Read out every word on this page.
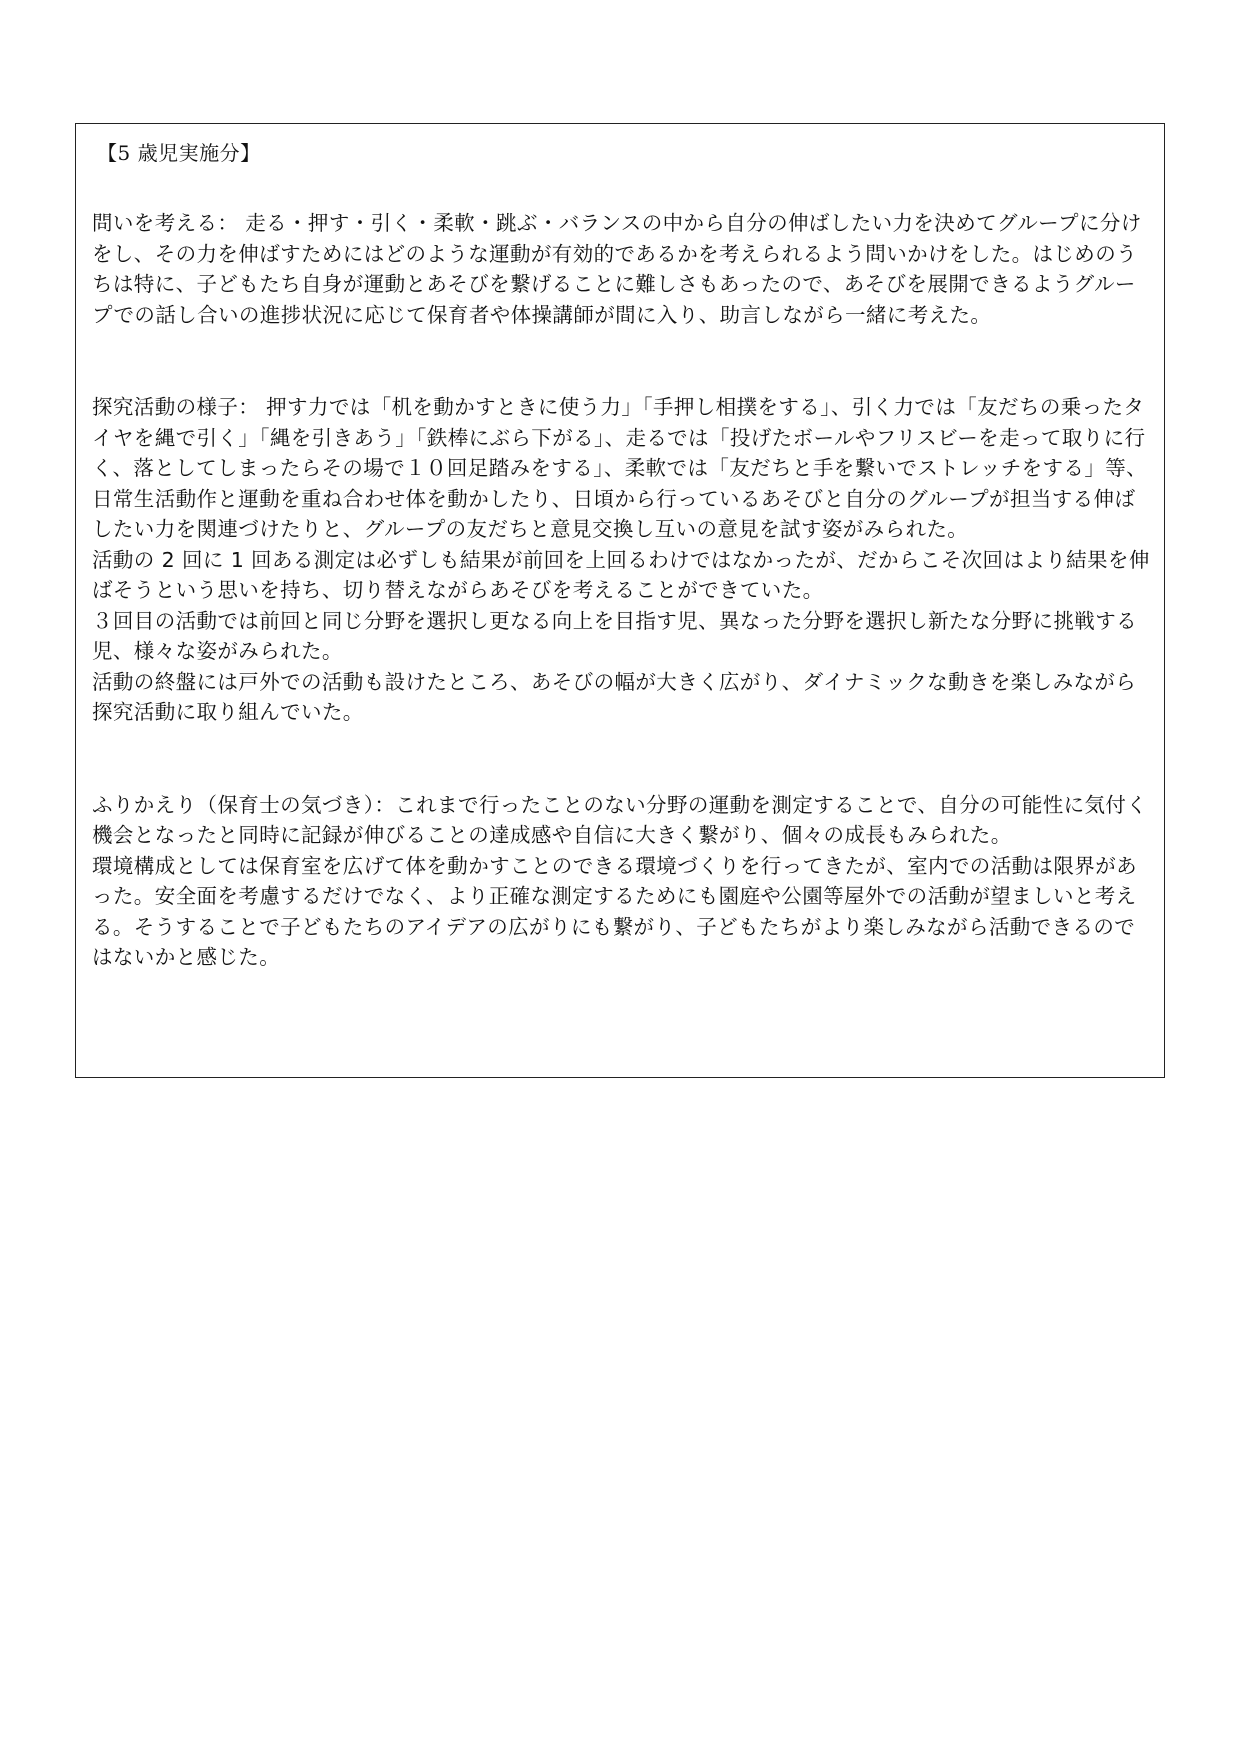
【5 歳児実施分】

問いを考える： 走る・押す・引く・柔軟・跳ぶ・バランスの中から自分の伸ばしたい力を決めてグループに分けをし、その力を伸ばすためにはどのような運動が有効的であるかを考えられるよう問いかけをした。はじめのうちは特に、子どもたち自身が運動とあそびを繋げることに難しさもあったので、あそびを展開できるようグループでの話し合いの進捗状況に応じて保育者や体操講師が間に入り、助言しながら一緒に考えた。

探究活動の様子： 押す力では「机を動かすときに使う力」「手押し相撲をする」、引く力では「友だちの乗ったタイヤを縄で引く」「縄を引きあう」「鉄棒にぶら下がる」、走るでは「投げたボールやフリスビーを走って取りに行く、落としてしまったらその場で１０回足踏みをする」、柔軟では「友だちと手を繋いでストレッチをする」等、日常生活動作と運動を重ね合わせ体を動かしたり、日頃から行っているあそびと自分のグループが担当する伸ばしたい力を関連づけたりと、グループの友だちと意見交換し互いの意見を試す姿がみられた。

活動の 2 回に 1 回ある測定は必ずしも結果が前回を上回るわけではなかったが、だからこそ次回はより結果を伸ばそうという思いを持ち、切り替えながらあそびを考えることができていた。

３回目の活動では前回と同じ分野を選択し更なる向上を目指す児、異なった分野を選択し新たな分野に挑戦する児、様々な姿がみられた。

活動の終盤には戸外での活動も設けたところ、あそびの幅が大きく広がり、ダイナミックな動きを楽しみながら探究活動に取り組んでいた。

ふりかえり（保育士の気づき）：これまで行ったことのない分野の運動を測定することで、自分の可能性に気付く機会となったと同時に記録が伸びることの達成感や自信に大きく繋がり、個々の成長もみられた。

環境構成としては保育室を広げて体を動かすことのできる環境づくりを行ってきたが、室内での活動は限界があった。安全面を考慮するだけでなく、より正確な測定するためにも園庭や公園等屋外での活動が望ましいと考える。そうすることで子どもたちのアイデアの広がりにも繋がり、子どもたちがより楽しみながら活動できるのではないかと感じた。
